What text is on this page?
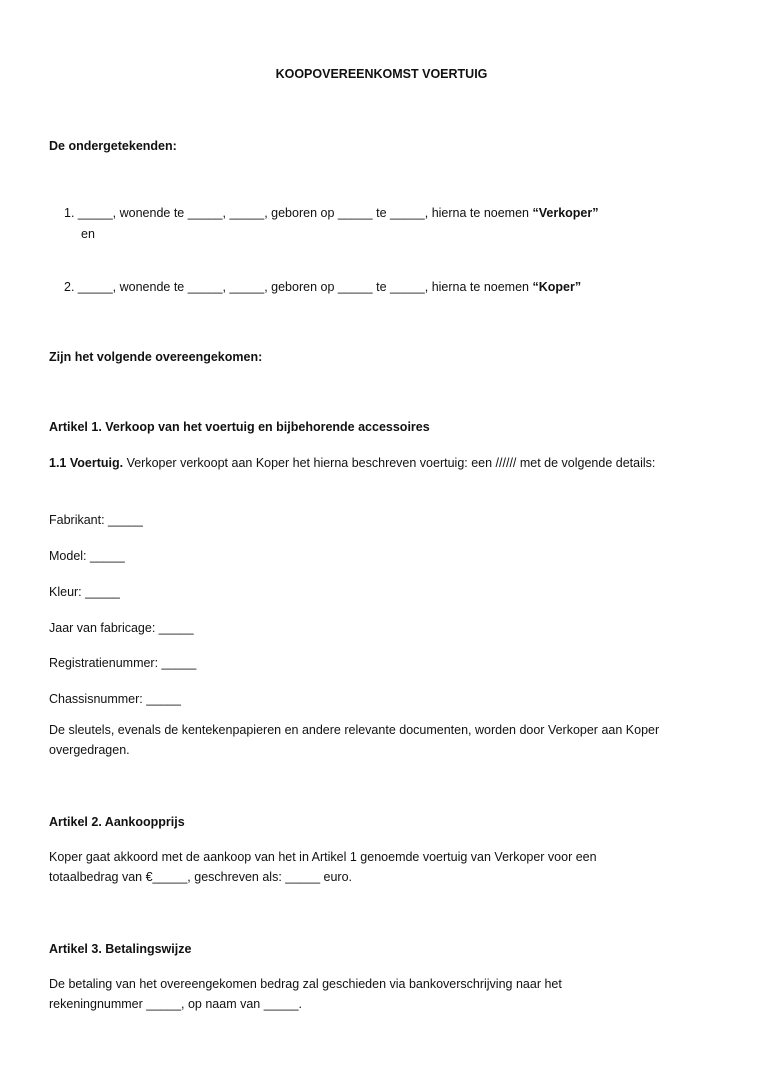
KOOPOVEREENKOMST VOERTUIG
De ondergetekenden:
1. _____, wonende te _____, _____, geboren op _____ te _____, hierna te noemen “Verkoper”
en
2. _____, wonende te _____, _____, geboren op _____ te _____, hierna te noemen “Koper”
Zijn het volgende overeengekomen:
Artikel 1. Verkoop van het voertuig en bijbehorende accessoires
1.1 Voertuig. Verkoper verkoopt aan Koper het hierna beschreven voertuig: een ////// met de volgende details:
Fabrikant: _____
Model: _____
Kleur: _____
Jaar van fabricage: _____
Registratienummer: _____
Chassisnummer: _____
De sleutels, evenals de kentekenpapieren en andere relevante documenten, worden door Verkoper aan Koper overgedragen.
Artikel 2. Aankoopprijs
Koper gaat akkoord met de aankoop van het in Artikel 1 genoemde voertuig van Verkoper voor een totaalbedrag van €_____, geschreven als: _____ euro.
Artikel 3. Betalingswijze
De betaling van het overeengekomen bedrag zal geschieden via bankoverschrijving naar het rekeningnummer _____, op naam van _____.
